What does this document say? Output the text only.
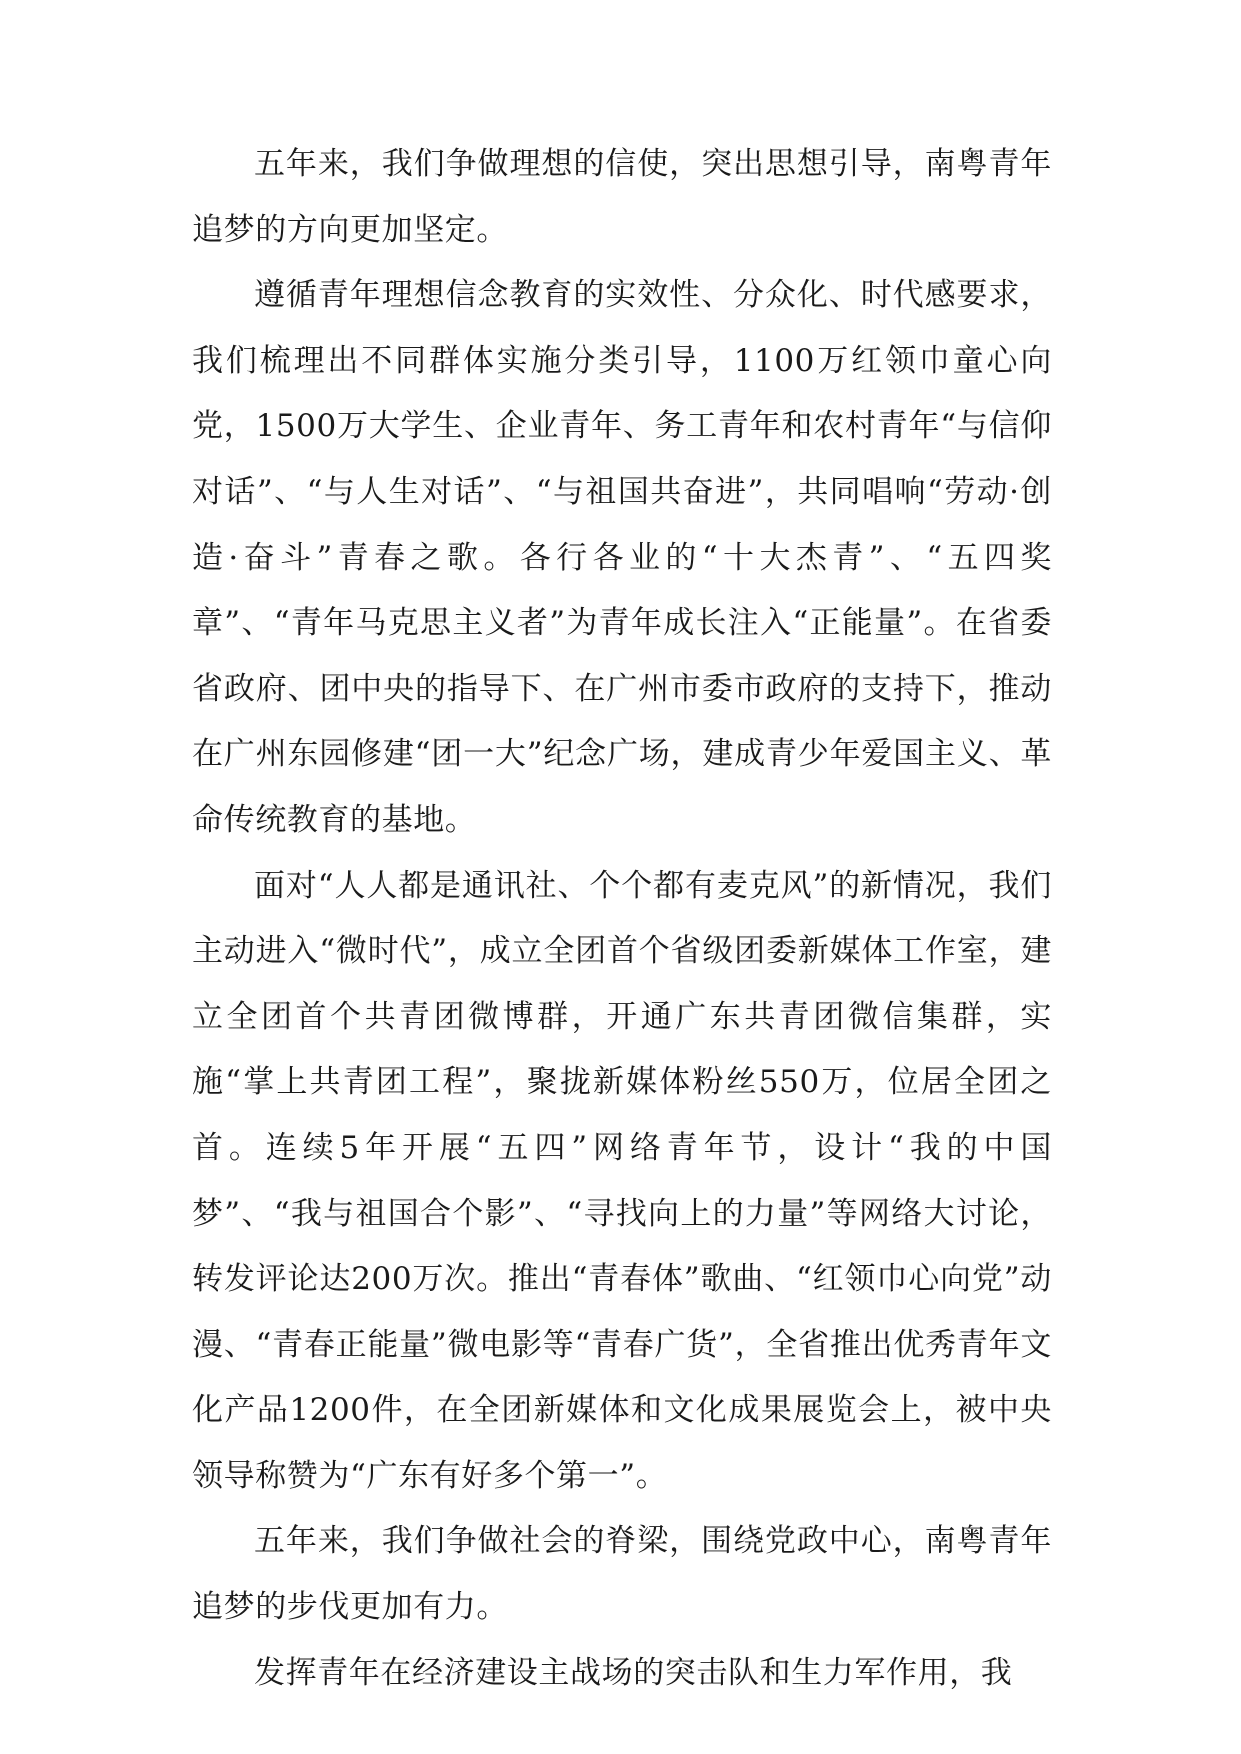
五年来，我们争做理想的信使，突出思想引导，南粤青年追梦的方向更加坚定。

遵循青年理想信念教育的实效性、分众化、时代感要求，我们梳理出不同群体实施分类引导，1100万红领巾童心向党，1500万大学生、企业青年、务工青年和农村青年“与信仰对话”、“与人生对话”、“与祖国共奋进”，共同唱响“劳动·创造·奋斗”青春之歌。各行各业的“十大杰青”、“五四奖章”、“青年马克思主义者”为青年成长注入“正能量”。在省委省政府、团中央的指导下、在广州市委市政府的支持下，推动在广州东园修建“团一大”纪念广场，建成青少年爱国主义、革命传统教育的基地。

面对“人人都是通讯社、个个都有麦克风”的新情况，我们主动进入“微时代”，成立全团首个省级团委新媒体工作室，建立全团首个共青团微博群，开通广东共青团微信集群，实施“掌上共青团工程”，聚拢新媒体粉丝550万，位居全团之首。连续5年开展“五四”网络青年节，设计“我的中国梦”、“我与祖国合个影”、“寻找向上的力量”等网络大讨论，转发评论达200万次。推出“青春体”歌曲、“红领巾心向党”动漫、“青春正能量”微电影等“青春广货”，全省推出优秀青年文化产品1200件，在全团新媒体和文化成果展览会上，被中央领导称赞为“广东有好多个第一”。

五年来，我们争做社会的脊梁，围绕党政中心，南粤青年追梦的步伐更加有力。

发挥青年在经济建设主战场的突击队和生力军作用，我
